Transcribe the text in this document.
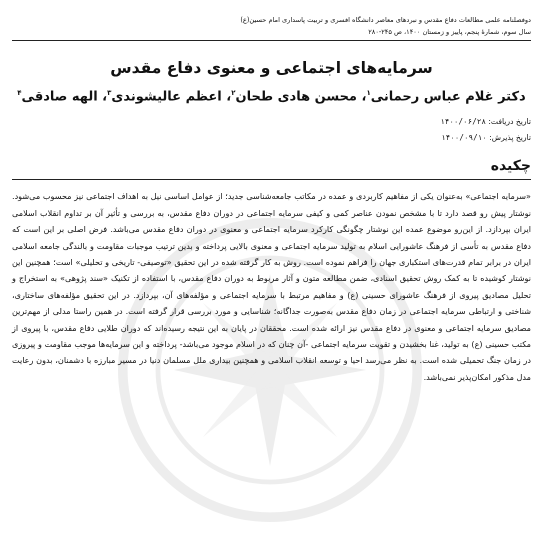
دوفصلنامه علمی مطالعات دفاع مقدس و نبردهای معاصر دانشگاه افسری و تربیت پاسداری امام حسین(ع)
سال سوم، شمارۀ پنجم، پاییز و زمستان ۱۴۰۰، ص ۲۴۵-۲۸۰
سرمایه‌های اجتماعی و معنوی دفاع مقدس
دکتر غلام عباس رحمانی$^۱$، محسن هادی طحان$^۲$، اعظم عالیشوندی$^۳$، الهه صادقی$^۴$
تاریخ دریافت: ۱۴۰۰/۰۶/۲۸
تاریخ پذیرش: ۱۴۰۰/۰۹/۱۰
چکیده

«سرمایه اجتماعی» به‌عنوان یکی از مفاهیم کاربردی و عمده در مکاتب جامعه‌شناسی جدید؛ از عوامل اساسی نیل به اهداف اجتماعی نیز محسوب می‌شود. نوشتار پیش رو قصد دارد تا با مشخص نمودن عناصر کمی و کیفی سرمایه اجتماعی در دوران دفاع مقدس، به بررسی و تأثیر آن بر تداوم انقلاب اسلامی ایران بپردازد. از این‌رو موضوع عمده این نوشتار چگونگی کارکرد سرمایه اجتماعی و معنوی در دوران دفاع مقدس می‌باشد. فرض اصلی بر این است که دفاع مقدس به تأسی از فرهنگ عاشورایی اسلام به تولید سرمایه اجتماعی و معنوی بالایی پرداخته و بدین ترتیب موجبات مقاومت و بالندگی جامعه اسلامی ایران در برابر تمام قدرت‌های استکباری جهان را فراهم نموده است. روش به کار گرفته شده در این تحقیق «توصیفی- تاریخی و تحلیلی» است؛ همچنین این نوشتار کوشیده تا به کمک روش تحقیق اسنادی، ضمن مطالعه متون و آثار مربوط به دوران دفاع مقدس، با استفاده از تکنیک «سند پژوهی» به استخراج و تحلیل مصادیق پیروی از فرهنگ عاشورای حسینی (ع) و مفاهیم مرتبط با سرمایه اجتماعی و مؤلفه‌های آن، بپردازد. در این تحقیق مؤلفه‌های ساختاری، شناختی و ارتباطی سرمایه اجتماعی در زمان دفاع مقدس به‌صورت جداگانه؛ شناسایی و مورد بررسی قرار گرفته است. در همین راستا مدلی از مهم‌ترین مصادیق سرمایه اجتماعی و معنوی در دفاع مقدس نیز ارائه شده است. محققان در پایان به این نتیجه رسیده‌اند که دوران طلایی دفاع مقدس، با پیروی از مکتب حسینی (ع) به تولید، غنا بخشیدن و تقویت سرمایه اجتماعی -آن چنان که در اسلام موجود می‌باشد- پرداخته و این سرمایه‌ها موجب مقاومت و پیروزی در زمان جنگ تحمیلی شده است. به نظر می‌رسد احیا و توسعه انقلاب اسلامی و همچنین بیداری ملل مسلمان دنیا در مسیر مبارزه با دشمنان، بدون رعایت مدل مذکور امکان‌پذیر نمی‌باشد.
